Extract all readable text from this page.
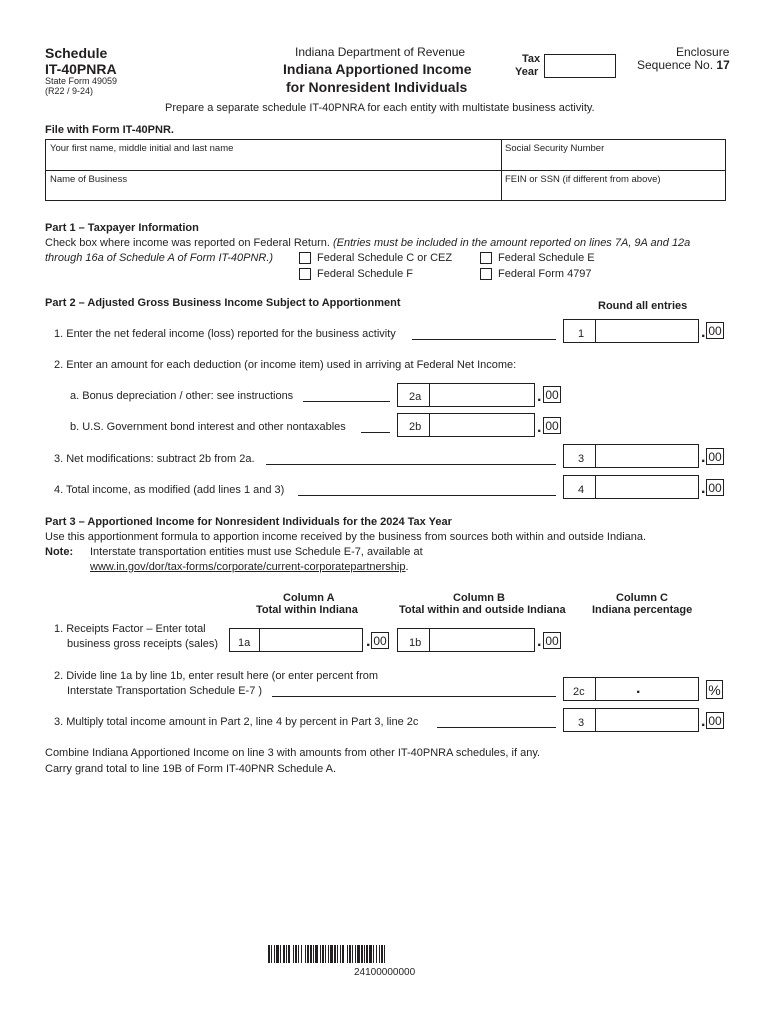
Schedule
IT-40PNRA
State Form 49059
(R22 / 9-24)
Indiana Department of Revenue
Indiana Apportioned Income
for Nonresident Individuals
Tax
Year
Enclosure
Sequence No. 17
Prepare a separate schedule IT-40PNRA for each entity with multistate business activity.
File with Form IT-40PNR.
Your first name, middle initial and last name	Social Security Number
Name of Business	FEIN or SSN (if different from above)
Part 1 – Taxpayer Information
Check box where income was reported on Federal Return. (Entries must be included in the amount reported on lines 7A, 9A and 12a
through 16a of Schedule A of Form IT-40PNR.)	Federal Schedule C or CEZ	Federal Schedule E
Federal Schedule F	Federal Form 4797
Part 2 – Adjusted Gross Business Income Subject to Apportionment	Round all entries
1. Enter the net federal income (loss) reported for the business activity	1	. 00
2. Enter an amount for each deduction (or income item) used in arriving at Federal Net Income:
a. Bonus depreciation / other: see instructions	2a	. 00
b. U.S. Government bond interest and other nontaxables	2b	. 00
3. Net modifications: subtract 2b from 2a.	3	. 00
4. Total income, as modified (add lines 1 and 3)	4	. 00
Part 3 – Apportioned Income for Nonresident Individuals for the 2024 Tax Year
Use this apportionment formula to apportion income received by the business from sources both within and outside Indiana.
Note: Interstate transportation entities must use Schedule E-7, available at
www.in.gov/dor/tax-forms/corporate/current-corporatepartnership.
Column A
Total within Indiana
Column B
Total within and outside Indiana
Column C
Indiana percentage
1. Receipts Factor – Enter total
business gross receipts (sales) 1a	. 00 1b	. 00
2. Divide line 1a by line 1b, enter result here (or enter percent from
Interstate Transportation Schedule E-7 )	2c	.	%
3. Multiply total income amount in Part 2, line 4 by percent in Part 3, line 2c	3	. 00
Combine Indiana Apportioned Income on line 3 with amounts from other IT-40PNRA schedules, if any.
Carry grand total to line 19B of Form IT-40PNR Schedule A.
24100000000
